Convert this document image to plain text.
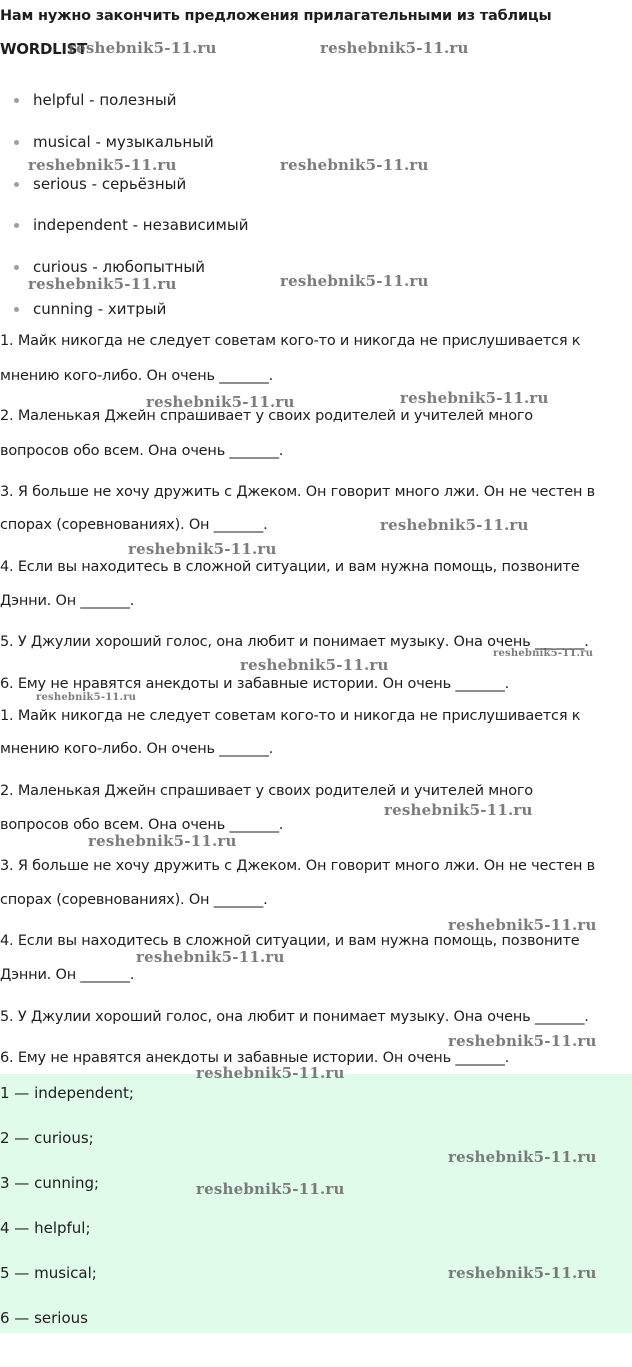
Нам нужно закончить предложения прилагательными из таблицы
WORDLIST
helpful - полезный
musical - музыкальный
serious - серьёзный
independent - независимый
curious - любопытный
cunning - хитрый

1. Майк никогда не следует советам кого-то и никогда не прислушивается к

мнению кого-либо. Он очень _______.

2. Маленькая Джейн спрашивает у своих родителей и учителей много

вопросов обо всем. Она очень _______.

3. Я больше не хочу дружить с Джеком. Он говорит много лжи. Он не честен в

спорах (соревнованиях). Он _______.

4. Если вы находитесь в сложной ситуации, и вам нужна помощь, позвоните

Дэнни. Он _______.

5. У Джулии хороший голос, она любит и понимает музыку. Она очень _______.

6. Ему не нравятся анекдоты и забавные истории. Он очень _______.

1. Майк никогда не следует советам кого-то и никогда не прислушивается к

мнению кого-либо. Он очень _______.

2. Маленькая Джейн спрашивает у своих родителей и учителей много

вопросов обо всем. Она очень _______.

3. Я больше не хочу дружить с Джеком. Он говорит много лжи. Он не честен в

спорах (соревнованиях). Он _______.

4. Если вы находитесь в сложной ситуации, и вам нужна помощь, позвоните

Дэнни. Он _______.

5. У Джулии хороший голос, она любит и понимает музыку. Она очень _______.

6. Ему не нравятся анекдоты и забавные истории. Он очень _______.

1 — independent;

2 — curious;

3 — cunning;

4 — helpful;

5 — musical;

6 — serious

reshebnik5-11.ru	reshebnik5-11.ru
reshebnik5-11.ru	reshebnik5-11.ru
reshebnik5-11.ru	reshebnik5-11.ru
reshebnik5-11.ru	reshebnik5-11.ru
reshebnik5-11.ru
reshebnik5-11.ru
reshebnik5-11.ru
reshebnik5-11.ru
reshebnik5-11.ru
reshebnik5-11.ru
reshebnik5-11.ru
reshebnik5-11.ru
reshebnik5-11.ru
reshebnik5-11.ru
reshebnik5-11.ru
reshebnik5-11.ru
reshebnik5-11.ru
reshebnik5-11.ru
